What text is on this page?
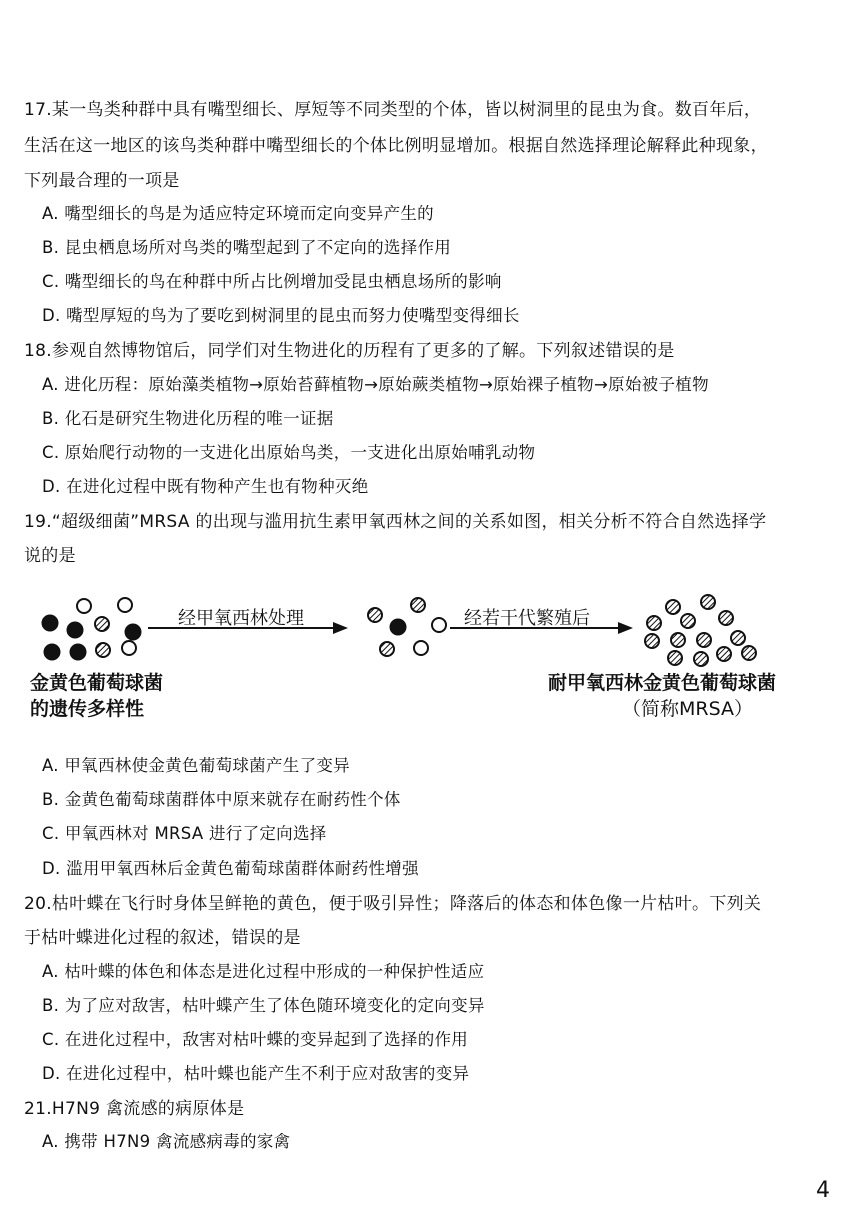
17.某一鸟类种群中具有嘴型细长、厚短等不同类型的个体，皆以树洞里的昆虫为食。数百年后，
生活在这一地区的该鸟类种群中嘴型细长的个体比例明显增加。根据自然选择理论解释此种现象，
下列最合理的一项是
A. 嘴型细长的鸟是为适应特定环境而定向变异产生的
B. 昆虫栖息场所对鸟类的嘴型起到了不定向的选择作用
C. 嘴型细长的鸟在种群中所占比例增加受昆虫栖息场所的影响
D. 嘴型厚短的鸟为了要吃到树洞里的昆虫而努力使嘴型变得细长
18.参观自然博物馆后，同学们对生物进化的历程有了更多的了解。下列叙述错误的是
A. 进化历程：原始藻类植物→原始苔藓植物→原始蕨类植物→原始裸子植物→原始被子植物
B. 化石是研究生物进化历程的唯一证据
C. 原始爬行动物的一支进化出原始鸟类，一支进化出原始哺乳动物
D. 在进化过程中既有物种产生也有物种灭绝
19.“超级细菌”MRSA 的出现与滥用抗生素甲氧西林之间的关系如图，相关分析不符合自然选择学
说的是
经甲氧西林处理	经若干代繁殖后
金黄色葡萄球菌
的遗传多样性
耐甲氧西林金黄色葡萄球菌
（简称MRSA）
A. 甲氧西林使金黄色葡萄球菌产生了变异
B. 金黄色葡萄球菌群体中原来就存在耐药性个体
C. 甲氧西林对 MRSA 进行了定向选择
D. 滥用甲氧西林后金黄色葡萄球菌群体耐药性增强
20.枯叶蝶在飞行时身体呈鲜艳的黄色，便于吸引异性；降落后的体态和体色像一片枯叶。下列关
于枯叶蝶进化过程的叙述，错误的是
A. 枯叶蝶的体色和体态是进化过程中形成的一种保护性适应
B. 为了应对敌害，枯叶蝶产生了体色随环境变化的定向变异
C. 在进化过程中，敌害对枯叶蝶的变异起到了选择的作用
D. 在进化过程中，枯叶蝶也能产生不利于应对敌害的变异
21.H7N9 禽流感的病原体是
A. 携带 H7N9 禽流感病毒的家禽
4
